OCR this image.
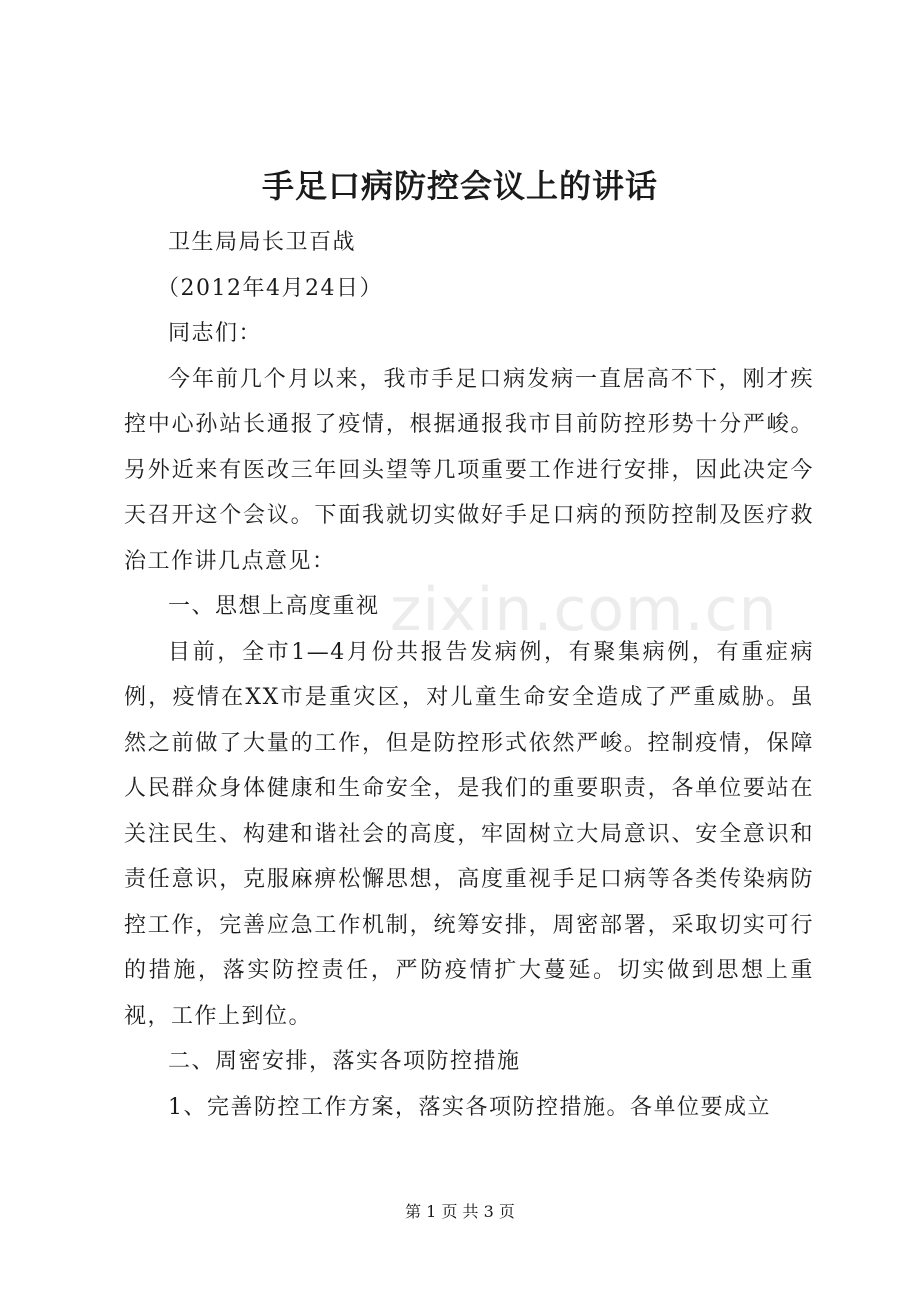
手足口病防控会议上的讲话

卫生局局长卫百战

（2012年4月24日）

同志们：

今年前几个月以来，我市手足口病发病一直居高不下，刚才疾控中心孙站长通报了疫情，根据通报我市目前防控形势十分严峻。另外近来有医改三年回头望等几项重要工作进行安排，因此决定今天召开这个会议。下面我就切实做好手足口病的预防控制及医疗救治工作讲几点意见：

一、思想上高度重视

目前，全市1—4月份共报告发病例，有聚集病例，有重症病例，疫情在XX市是重灾区，对儿童生命安全造成了严重威胁。虽然之前做了大量的工作，但是防控形式依然严峻。控制疫情，保障人民群众身体健康和生命安全，是我们的重要职责，各单位要站在关注民生、构建和谐社会的高度，牢固树立大局意识、安全意识和责任意识，克服麻痹松懈思想，高度重视手足口病等各类传染病防控工作，完善应急工作机制，统筹安排，周密部署，采取切实可行的措施，落实防控责任，严防疫情扩大蔓延。切实做到思想上重视，工作上到位。

二、周密安排，落实各项防控措施

1、完善防控工作方案，落实各项防控措施。各单位要成立

zixin.com.cn
第 1 页 共 3 页
